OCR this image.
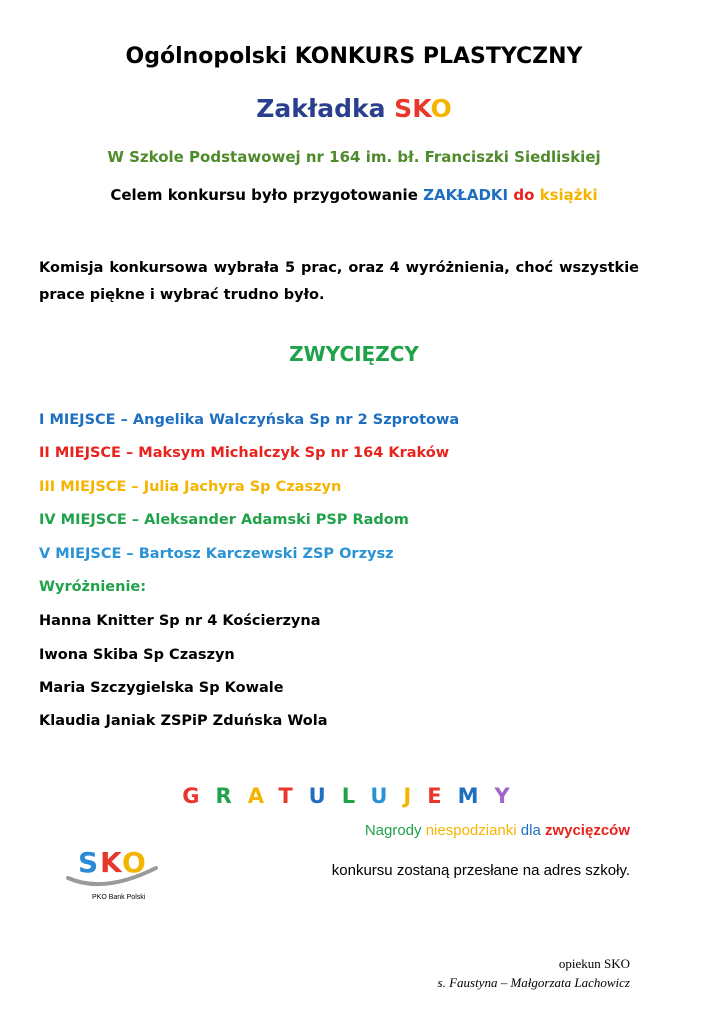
Ogólnopolski KONKURS PLASTYCZNY
Zakładka SKO
W Szkole Podstawowej nr 164 im. bł. Franciszki Siedliskiej
Celem konkursu było przygotowanie ZAKŁADKI do książki
Komisja konkursowa wybrała 5 prac, oraz 4 wyróżnienia, choć wszystkie prace piękne i wybrać trudno było.
ZWYCIĘZCY
I MIEJSCE – Angelika Walczyńska Sp nr 2 Szprotowa
II MIEJSCE – Maksym Michalczyk Sp nr 164 Kraków
III MIEJSCE – Julia Jachyra Sp Czaszyn
IV MIEJSCE – Aleksander Adamski PSP Radom
V MIEJSCE – Bartosz Karczewski ZSP Orzysz
Wyróżnienie:
Hanna Knitter Sp nr 4 Kościerzyna
Iwona Skiba Sp Czaszyn
Maria Szczygielska Sp Kowale
Klaudia Janiak ZSPiP Zduńska Wola
GRATULUJEMY
Nagrody niespodzianki dla zwycięzców
konkursu zostaną przesłane na adres szkoły.
S K O
PKO Bank Polski
opiekun SKO
s. Faustyna – Małgorzata Lachowicz
